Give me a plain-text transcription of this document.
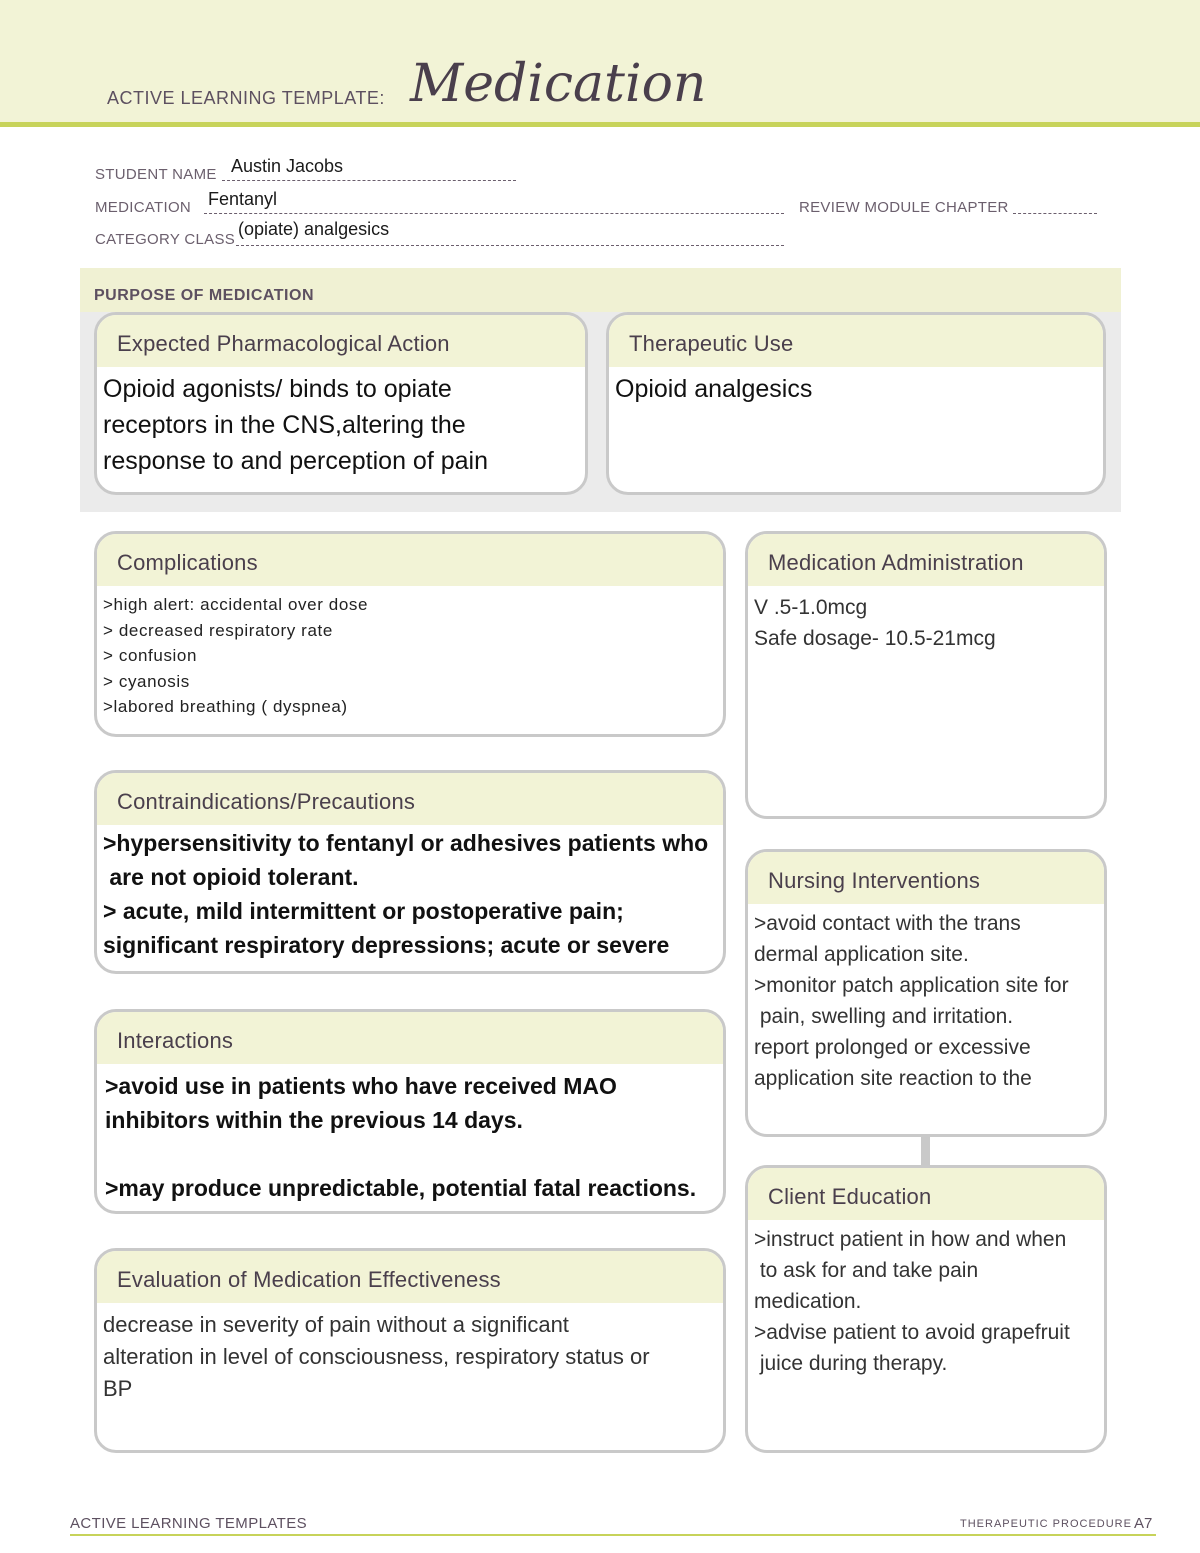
ACTIVE LEARNING TEMPLATE: Medication
STUDENT NAME Austin Jacobs
MEDICATION Fentanyl	REVIEW MODULE CHAPTER
CATEGORY CLASS
(opiate) analgesics
PURPOSE OF MEDICATION
Expected Pharmacological Action
Opioid agonists/ binds to opiate
receptors in the CNS,altering the
response to and perception of pain
Therapeutic Use
Opioid analgesics
Complications
>high alert: accidental over dose
> decreased respiratory rate
> confusion
> cyanosis
>labored breathing ( dyspnea)
Contraindications/Precautions
>hypersensitivity to fentanyl or adhesives patients who
are not opioid tolerant.
> acute, mild intermittent or postoperative pain;
significant respiratory depressions; acute or severe
Interactions
>avoid use in patients who have received MAO
inhibitors within the previous 14 days.
>may produce unpredictable, potential fatal reactions.
Evaluation of Medication Effectiveness
decrease in severity of pain without a significant
alteration in level of consciousness, respiratory status or
BP
Medication Administration
V .5-1.0mcg
Safe dosage- 10.5-21mcg
Nursing Interventions
>avoid contact with the trans
dermal application site.
>monitor patch application site for
pain, swelling and irritation.
report prolonged or excessive
application site reaction to the
Client Education
>instruct patient in how and when
to ask for and take pain
medication.
>advise patient to avoid grapefruit
juice during therapy.
ACTIVE LEARNING TEMPLATES	THERAPEUTIC PROCEDURE A7
